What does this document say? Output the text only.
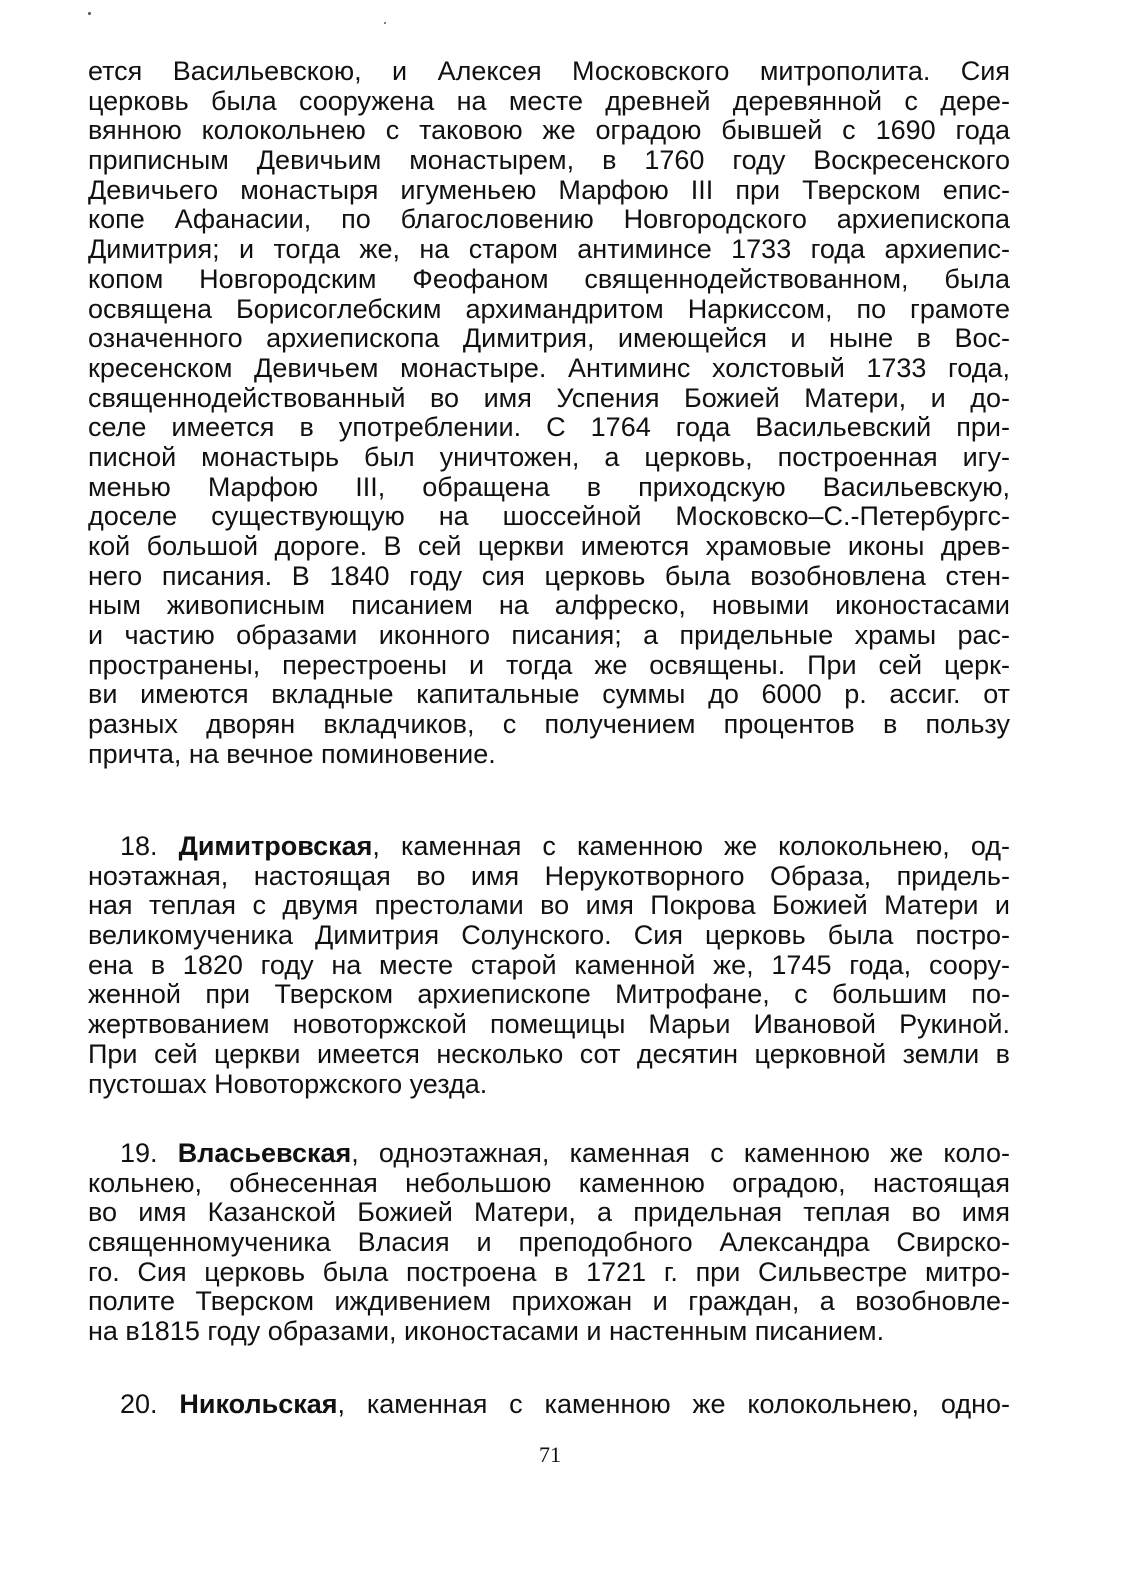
ется Васильевскою, и Алексея Московского митрополита. Сия
церковь была сооружена на месте древней деревянной с дере-
вянною колокольнею с таковою же оградою бывшей с 1690 года
приписным Девичьим монастырем, в 1760 году Воскресенского
Девичьего монастыря игуменьею Марфою III при Тверском епис-
копе Афанасии, по благословению Новгородского архиепископа
Димитрия; и тогда же, на старом антиминсе 1733 года архиепис-
копом Новгородским Феофаном священнодействованном, была
освящена Борисоглебским архимандритом Наркиссом, по грамоте
означенного архиепископа Димитрия, имеющейся и ныне в Вос-
кресенском Девичьем монастыре. Антиминс холстовый 1733 года,
священнодействованный во имя Успения Божией Матери, и до-
селе имеется в употреблении. С 1764 года Васильевский при-
писной монастырь был уничтожен, а церковь, построенная игу-
менью Марфою III, обращена в приходскую Васильевскую,
доселе существующую на шоссейной Московско–С.-Петербургс-
кой большой дороге. В сей церкви имеются храмовые иконы древ-
него писания. В 1840 году сия церковь была возобновлена стен-
ным живописным писанием на алфреско, новыми иконостасами
и частию образами иконного писания; а придельные храмы рас-
пространены, перестроены и тогда же освящены. При сей церк-
ви имеются вкладные капитальные суммы до 6000 р. ассиг. от
разных дворян вкладчиков, с получением процентов в пользу
причта, на вечное поминовение.
18. Димитровская, каменная с каменною же колокольнею, од-
ноэтажная, настоящая во имя Нерукотворного Образа, придель-
ная теплая с двумя престолами во имя Покрова Божией Матери и
великомученика Димитрия Солунского. Сия церковь была постро-
ена в 1820 году на месте старой каменной же, 1745 года, соору-
женной при Тверском архиепископе Митрофане, с большим по-
жертвованием новоторжской помещицы Марьи Ивановой Рукиной.
При сей церкви имеется несколько сот десятин церковной земли в
пустошах Новоторжского уезда.
19. Власьевская, одноэтажная, каменная с каменною же коло-
кольнею, обнесенная небольшою каменною оградою, настоящая
во имя Казанской Божией Матери, а придельная теплая во имя
священномученика Власия и преподобного Александра Свирско-
го. Сия церковь была построена в 1721 г. при Сильвестре митро-
полите Тверском иждивением прихожан и граждан, а возобновле-
на в1815 году образами, иконостасами и настенным писанием.
20. Никольская, каменная с каменною же колокольнею, одно-
71
